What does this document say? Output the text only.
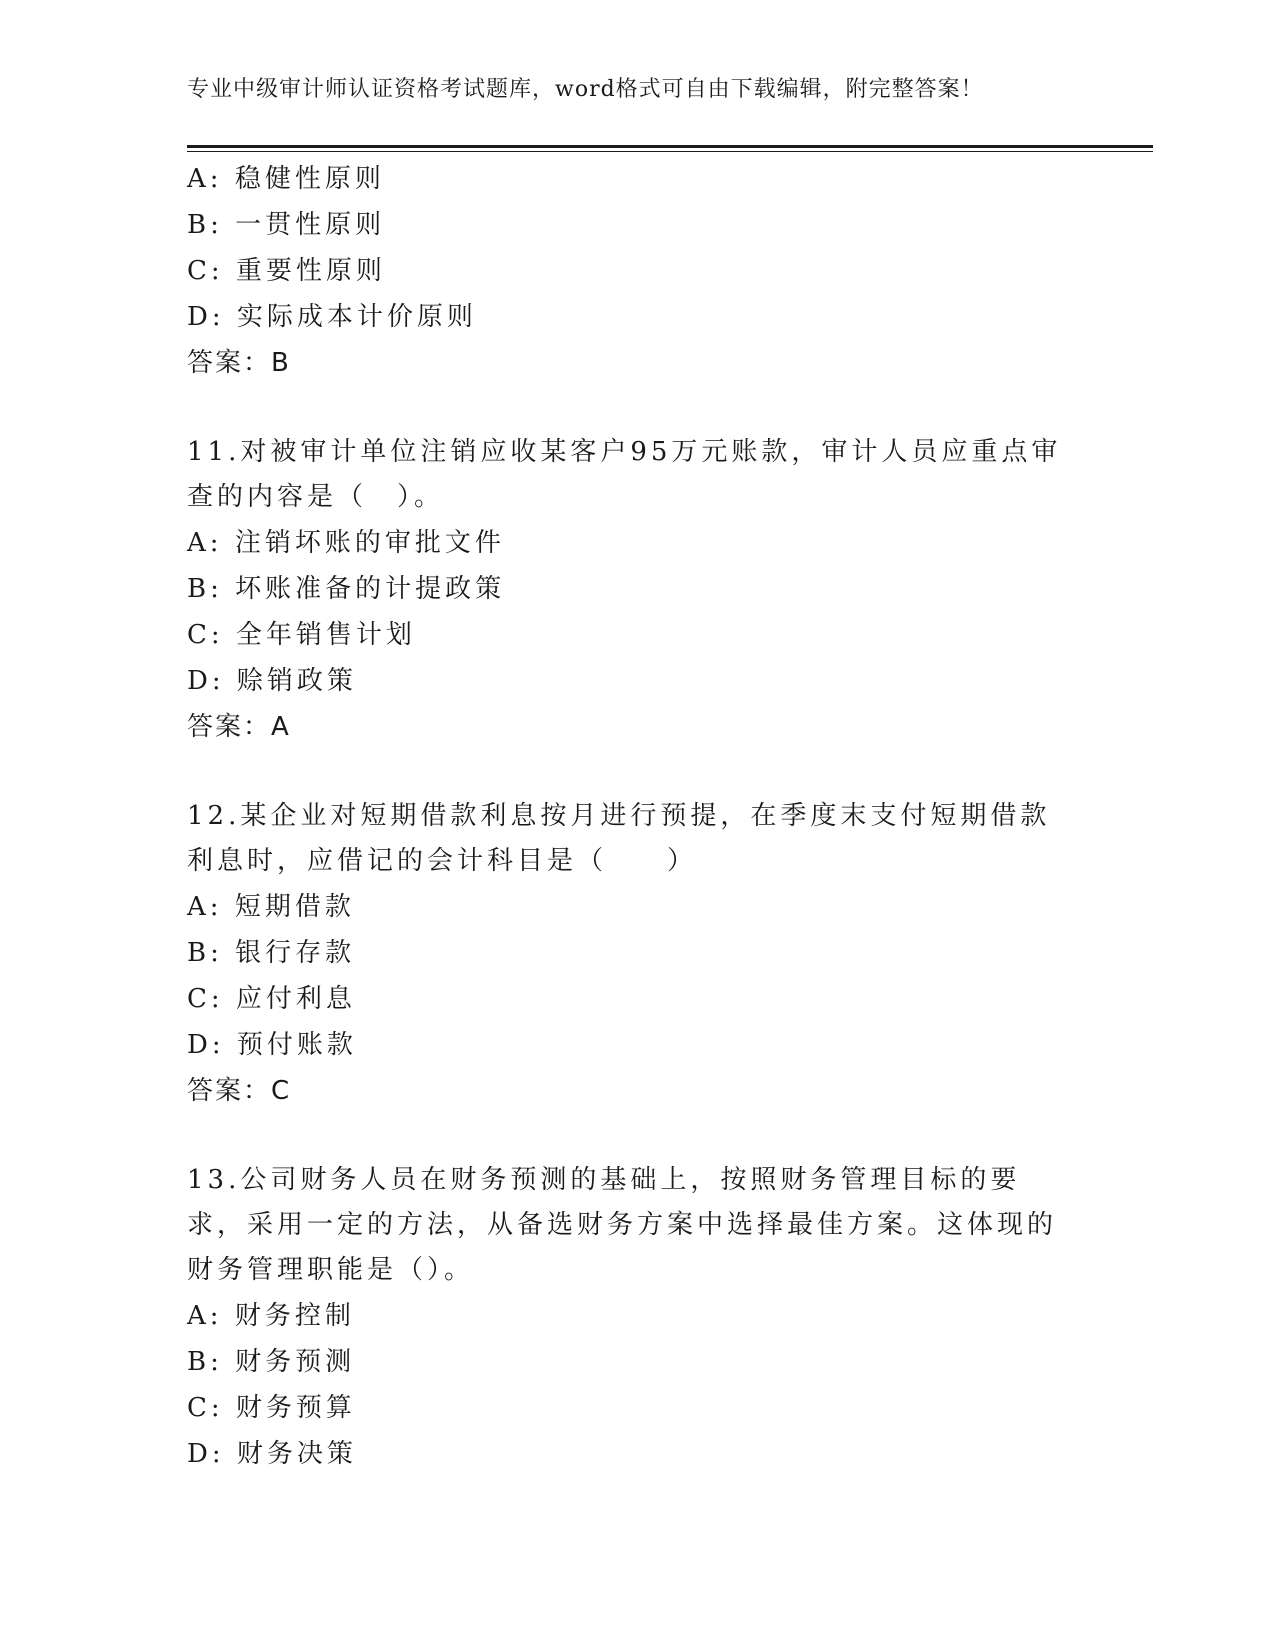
专业中级审计师认证资格考试题库，word格式可自由下载编辑，附完整答案！

A: 稳健性原则

B: 一贯性原则

C: 重要性原则

D: 实际成本计价原则

答案：B

11.对被审计单位注销应收某客户95万元账款，审计人员应重点审查的内容是（　）。

A: 注销坏账的审批文件

B: 坏账准备的计提政策

C: 全年销售计划

D: 赊销政策

答案：A

12.某企业对短期借款利息按月进行预提，在季度末支付短期借款利息时，应借记的会计科目是（　　）

A: 短期借款

B: 银行存款

C: 应付利息

D: 预付账款

答案：C

13.公司财务人员在财务预测的基础上，按照财务管理目标的要求，采用一定的方法，从备选财务方案中选择最佳方案。这体现的财务管理职能是（）。

A: 财务控制

B: 财务预测

C: 财务预算

D: 财务决策
